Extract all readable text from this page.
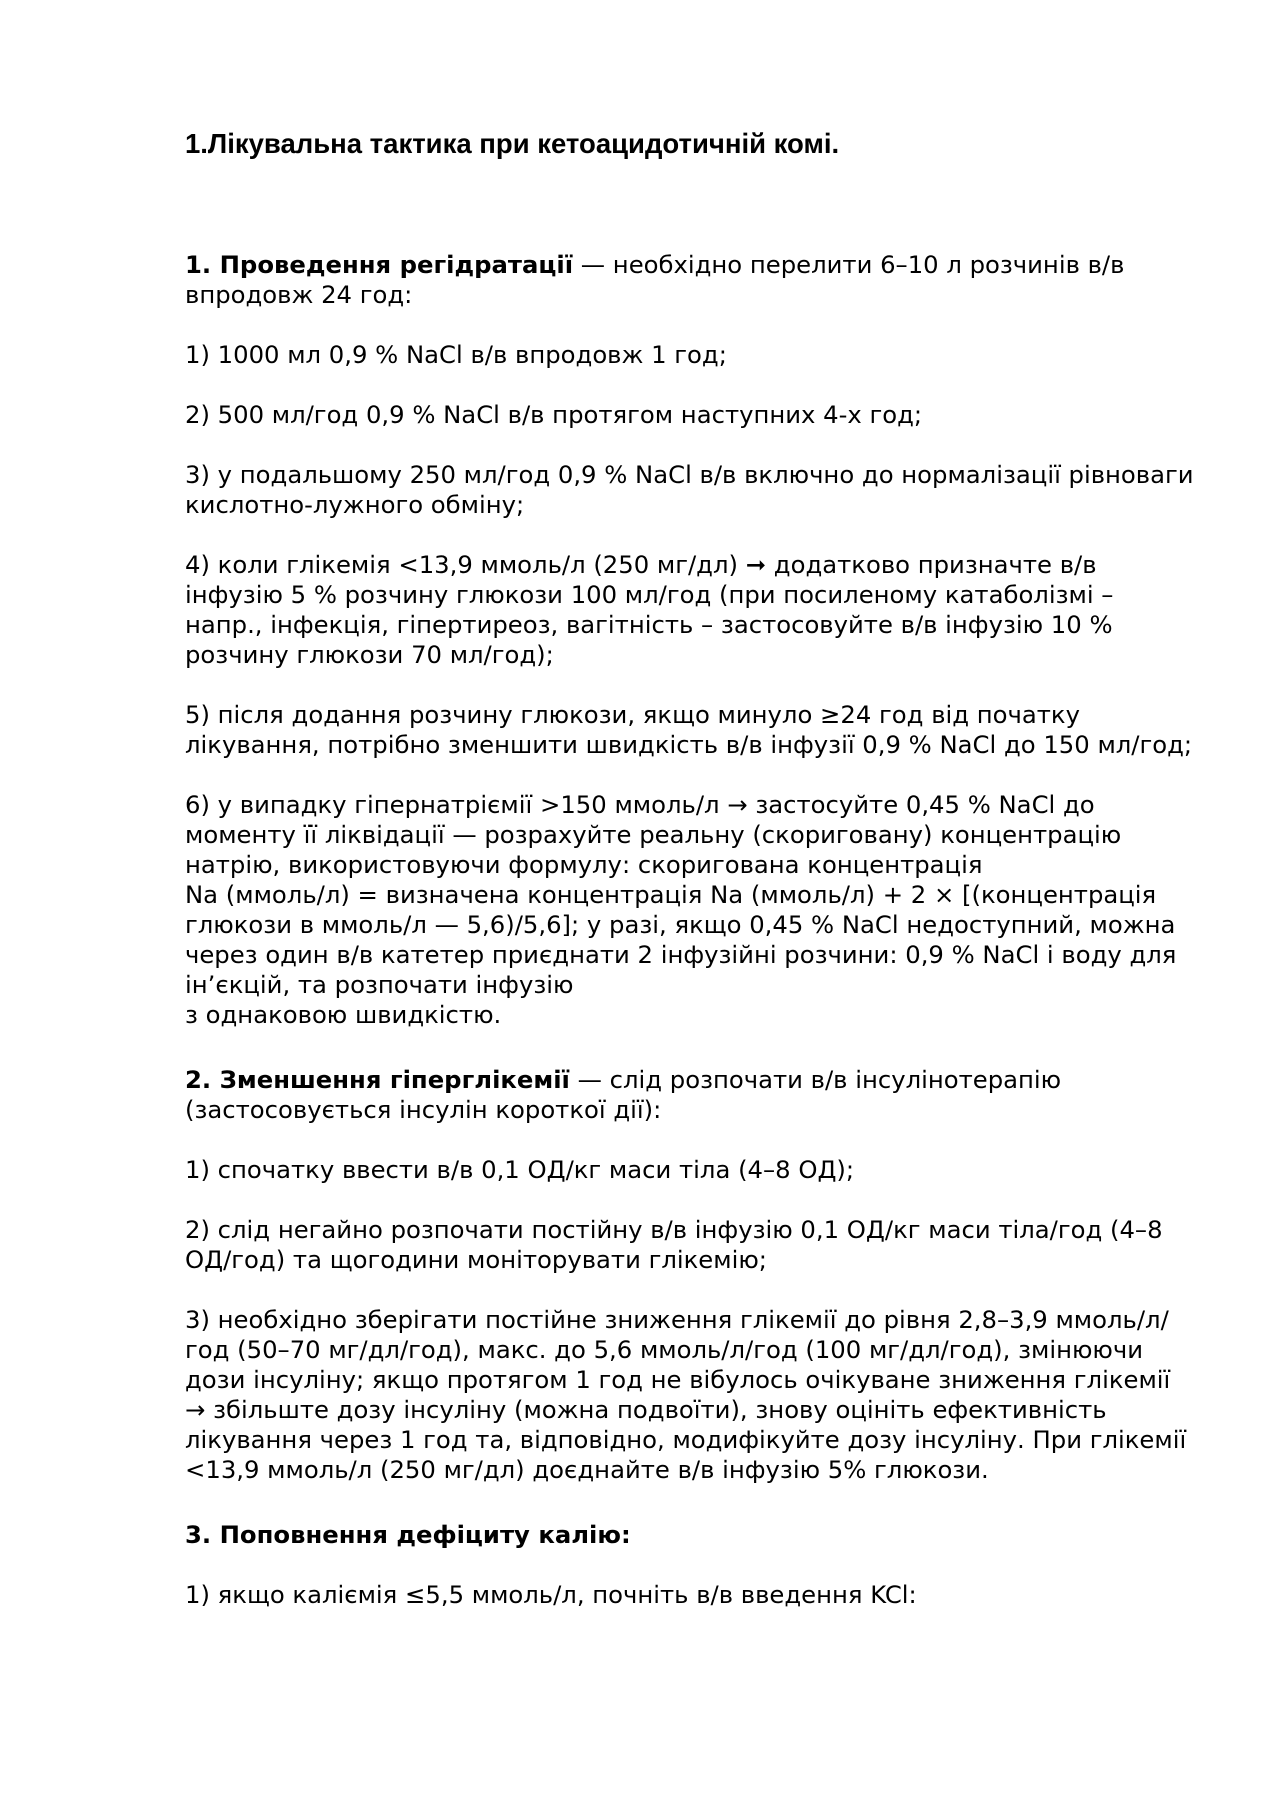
1.Лікувальна тактика при кетоацидотичній комі.

1. Проведення регідратації — необхідно перелити 6–10 л розчинів в/в впродовж 24 год:

1) 1000 мл 0,9 % NaCl в/в впродовж 1 год;

2) 500 мл/год 0,9 % NaCl в/в протягом наступних 4-х год;

3) у подальшому 250 мл/год 0,9 % NaCl в/в включно до нормалізації рівноваги кислотно-лужного обміну;

4) коли глікемія <13,9 ммоль/л (250 мг/дл) ➞ додатково призначте в/в інфузію 5 % розчину глюкози 100 мл/год (при посиленому катаболізмі – напр., інфекція, гіпертиреоз, вагітність – застосовуйте в/в інфузію 10 % розчину глюкози 70 мл/год);

5) після додання розчину глюкози, якщо минуло ≥24 год від початку лікування, потрібно зменшити швидкість в/в інфузії 0,9 % NaCl до 150 мл/год;

6) у випадку гіпернатріємії >150 ммоль/л → застосуйте 0,45 % NaCl до моменту її ліквідації — розрахуйте реальну (скориговану) концентрацію натрію, використовуючи формулу: скоригована концентрація
Na (ммоль/л) = визначена концентрація Na (ммоль/л) + 2 × [(концентрація глюкози в ммоль/л — 5,6)/5,6]; у разі, якщо 0,45 % NaCl недоступний, можна через один в/в катетер приєднати 2 інфузійні розчини: 0,9 % NaCl і воду для ін’єкцій, та розпочати інфузію
з однаковою швидкістю.

2. Зменшення гіперглікемії — слід розпочати в/в інсулінотерапію (застосовується інсулін короткої дії):

1) спочатку ввести в/в 0,1 ОД/кг маси тіла (4–8 ОД);

2) слід негайно розпочати постійну в/в інфузію 0,1 ОД/кг маси тіла/год (4–8 ОД/год) та щогодини моніторувати глікемію;

3) необхідно зберігати постійне зниження глікемії до рівня 2,8–3,9 ммоль/л/год (50–70 мг/дл/год), макс. до 5,6 ммоль/л/год (100 мг/дл/год), змінюючи дози інсуліну; якщо протягом 1 год не вібулось очікуване зниження глікемії → збільште дозу інсуліну (можна подвоїти), знову оцініть ефективність лікування через 1 год та, відповідно, модифікуйте дозу інсуліну. При глікемії <13,9 ммоль/л (250 мг/дл) доєднайте в/в інфузію 5% глюкози.

3. Поповнення дефіциту калію:

1) якщо каліємія ≤5,5 ммоль/л, почніть в/в введення KCl:
